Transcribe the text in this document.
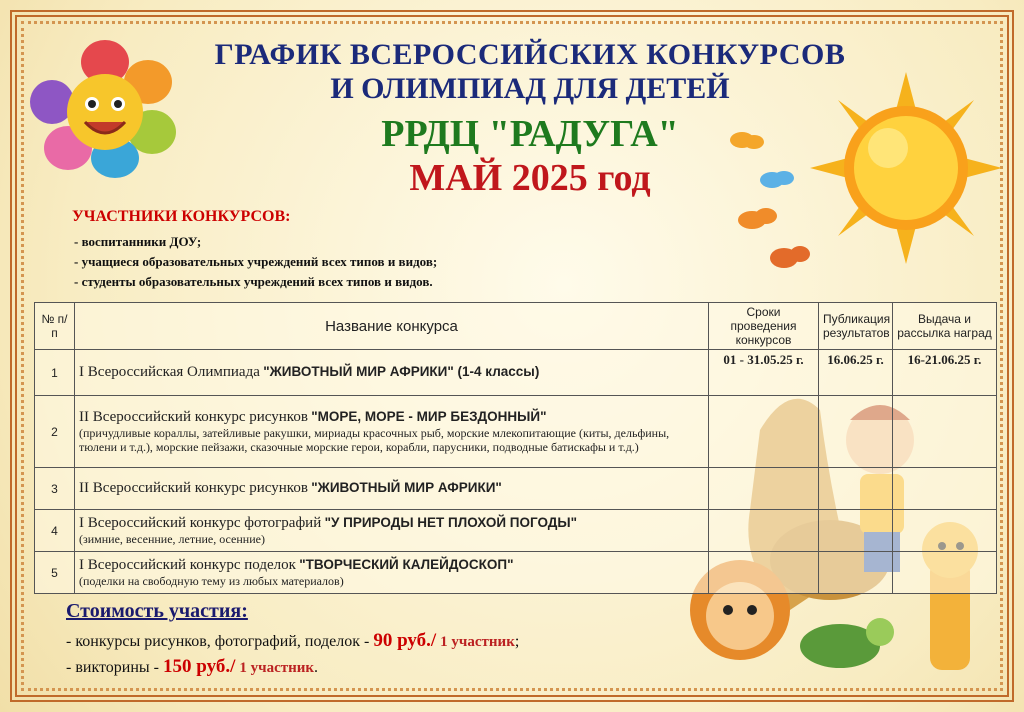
ГРАФИК ВСЕРОССИЙСКИХ КОНКУРСОВ
И ОЛИМПИАД ДЛЯ ДЕТЕЙ
РРДЦ "РАДУГА"
МАЙ 2025 год
УЧАСТНИКИ КОНКУРСОВ:
- воспитанники ДОУ;
- учащиеся образовательных учреждений всех типов и видов;
- студенты образовательных учреждений всех типов и видов.
№ п/п	Название конкурса	Сроки проведения конкурсов	Публикация результатов	Выдача и рассылка наград
1	I Всероссийская Олимпиада "ЖИВОТНЫЙ МИР АФРИКИ" (1-4 классы)	01 - 31.05.25 г.	16.06.25 г.	16-21.06.25 г.
2	II Всероссийский конкурс рисунков "МОРЕ, МОРЕ - МИР БЕЗДОННЫЙ"
(причудливые кораллы, затейливые ракушки, мириады красочных рыб, морские млекопитающие (киты, дельфины, тюлени и т.д.), морские пейзажи, сказочные морские герои, корабли, парусники, подводные батискафы и т.д.)			

3	II Всероссийский конкурс рисунков "ЖИВОТНЫЙ МИР АФРИКИ"			
4	I Всероссийский конкурс фотографий "У ПРИРОДЫ НЕТ ПЛОХОЙ ПОГОДЫ"
(зимние, весенние, летние, осенние)			

5	I Всероссийский конкурс поделок "ТВОРЧЕСКИЙ КАЛЕЙДОСКОП"
(поделки на свободную тему из любых материалов)			

Стоимость участия:
- конкурсы рисунков, фотографий, поделок - 90 руб./ 1 участник;
- викторины - 150 руб./ 1 участник.
